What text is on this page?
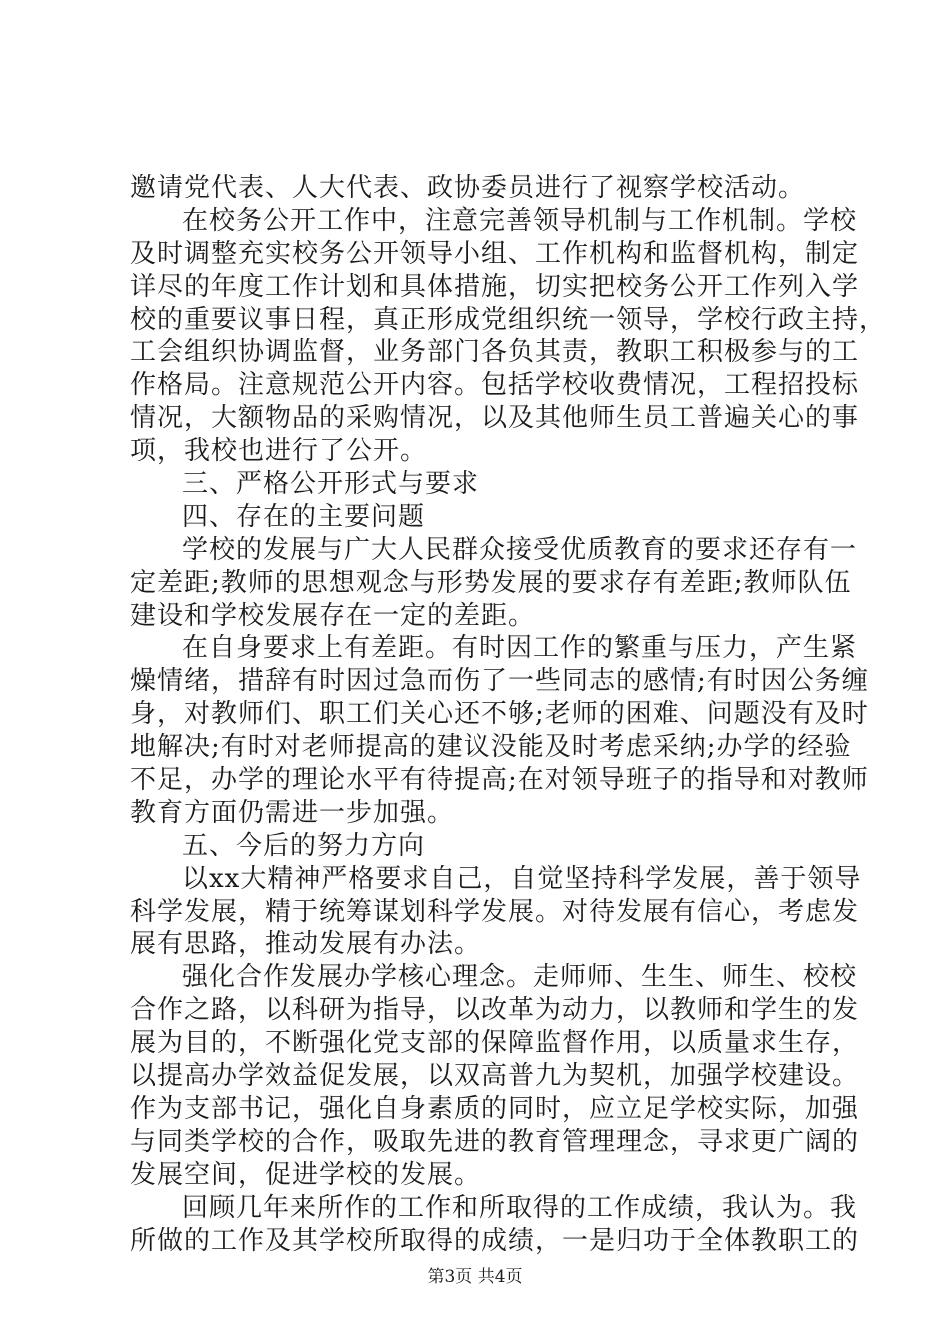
邀请党代表、人大代表、政协委员进行了视察学校活动。
在校务公开工作中，注意完善领导机制与工作机制。学校
及时调整充实校务公开领导小组、工作机构和监督机构，制定
详尽的年度工作计划和具体措施，切实把校务公开工作列入学
校的重要议事日程，真正形成党组织统一领导，学校行政主持，
工会组织协调监督，业务部门各负其责，教职工积极参与的工
作格局。注意规范公开内容。包括学校收费情况，工程招投标
情况，大额物品的采购情况，以及其他师生员工普遍关心的事
项，我校也进行了公开。
三、严格公开形式与要求
四、存在的主要问题
学校的发展与广大人民群众接受优质教育的要求还存有一
定差距;教师的思想观念与形势发展的要求存有差距;教师队伍
建设和学校发展存在一定的差距。
在自身要求上有差距。有时因工作的繁重与压力，产生紧
燥情绪，措辞有时因过急而伤了一些同志的感情;有时因公务缠
身，对教师们、职工们关心还不够;老师的困难、问题没有及时
地解决;有时对老师提高的建议没能及时考虑采纳;办学的经验
不足，办学的理论水平有待提高;在对领导班子的指导和对教师
教育方面仍需进一步加强。
五、今后的努力方向
以xx大精神严格要求自己，自觉坚持科学发展，善于领导
科学发展，精于统筹谋划科学发展。对待发展有信心，考虑发
展有思路，推动发展有办法。
强化合作发展办学核心理念。走师师、生生、师生、校校
合作之路，以科研为指导，以改革为动力，以教师和学生的发
展为目的，不断强化党支部的保障监督作用，以质量求生存，
以提高办学效益促发展，以双高普九为契机，加强学校建设。
作为支部书记，强化自身素质的同时，应立足学校实际，加强
与同类学校的合作，吸取先进的教育管理理念，寻求更广阔的
发展空间，促进学校的发展。
回顾几年来所作的工作和所取得的工作成绩，我认为。我
所做的工作及其学校所取得的成绩，一是归功于全体教职工的
第3页 共4页
